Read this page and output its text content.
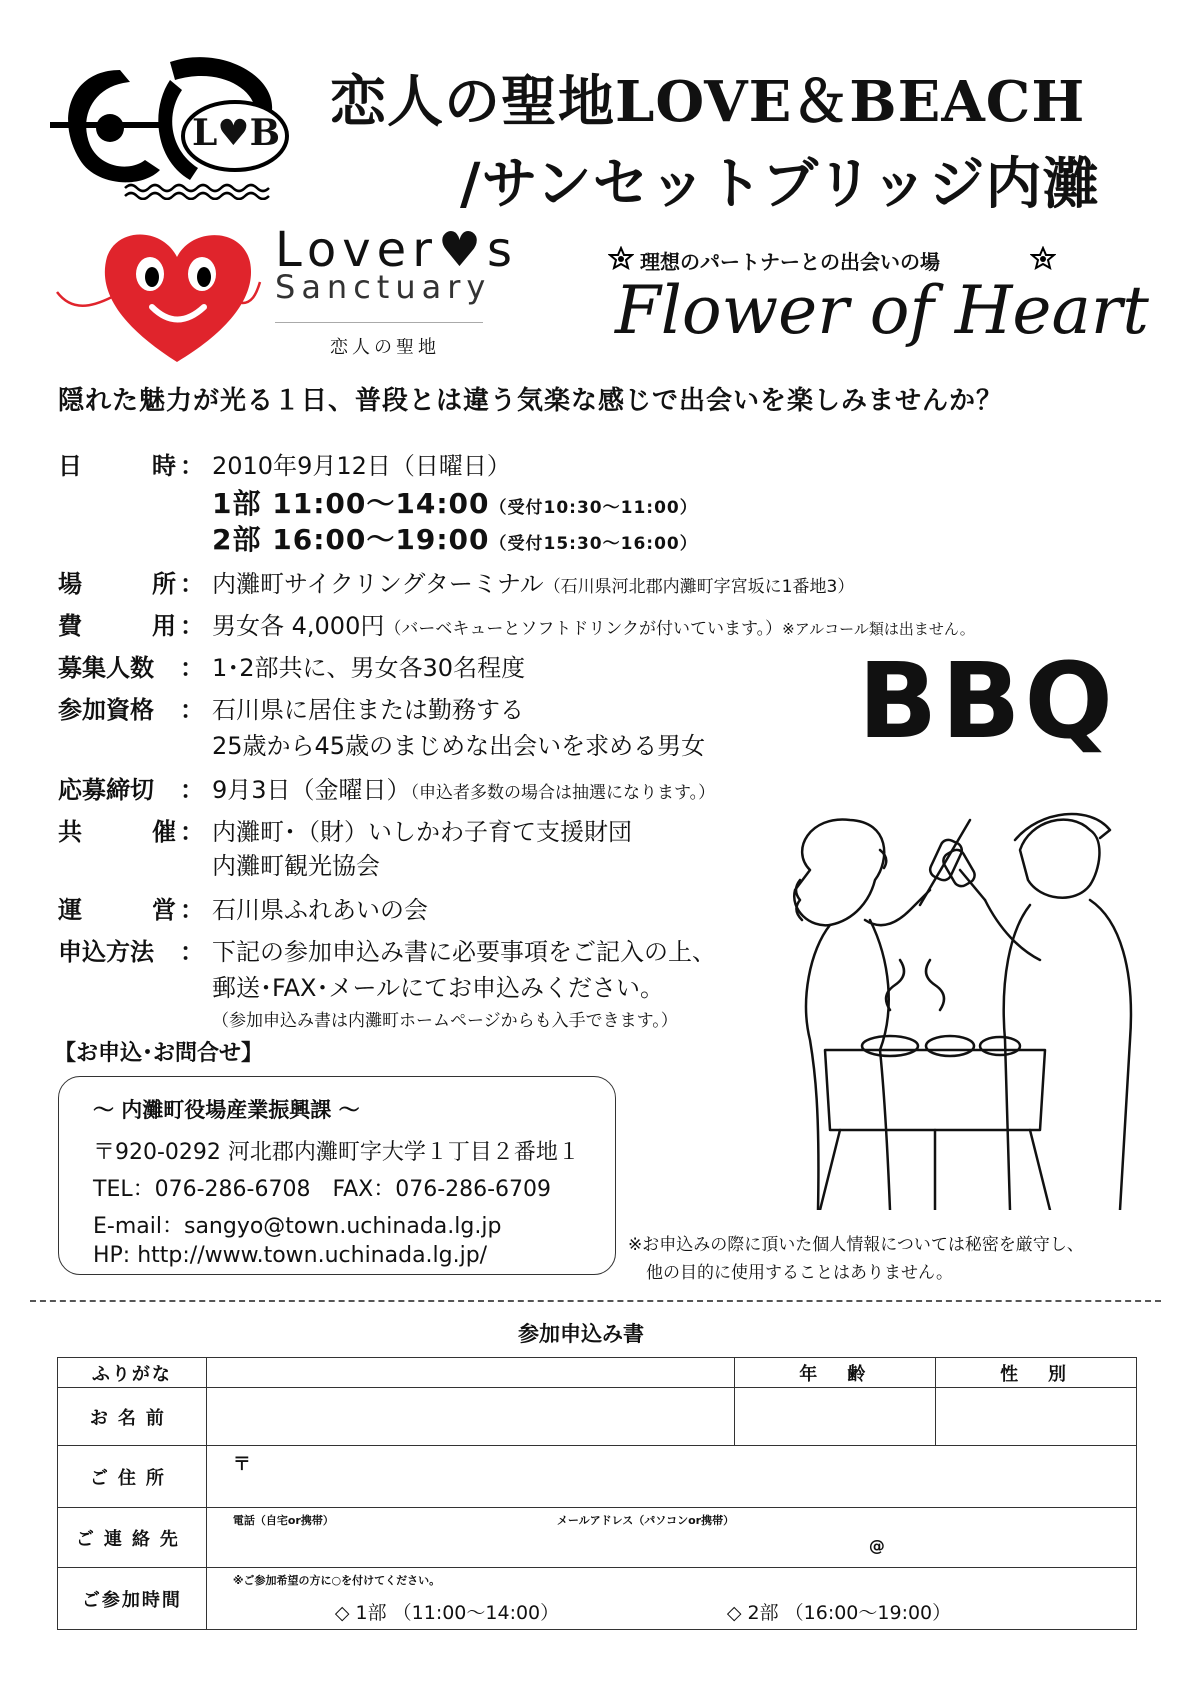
L♥B 恋人の聖地LOVE＆BEACH
/サンセットブリッジ内灘
Lover♥s
Sanctuary
恋人の聖地
理想のパートナーとの出会いの場
Flower of Heart
隠れた魅力が光る１日、普段とは違う気楽な感じで出会いを楽しみませんか？
日	時 ： 2010年9月12日（日曜日）
1部 11:00〜14:00（受付10:30〜11:00）
2部 16:00〜19:00（受付15:30〜16:00）
場	所 ： 内灘町サイクリングターミナル（石川県河北郡内灘町字宮坂に1番地3）
費	用 ： 男女各 4,000円（バーベキューとソフトドリンクが付いています。）※アルコール類は出ません。
募集人数	： 1･2部共に、男女各30名程度
参加資格	： 石川県に居住または勤務する
25歳から45歳のまじめな出会いを求める男女
応募締切	： 9月3日（金曜日）（申込者多数の場合は抽選になります。）
共	催 ： 内灘町･（財）いしかわ子育て支援財団
内灘町観光協会
運	営 ： 石川県ふれあいの会
申込方法	： 下記の参加申込み書に必要事項をご記入の上、
郵送･FAX･メールにてお申込みください。
（参加申込み書は内灘町ホームページからも入手できます。）
BBQ
【お申込･お問合せ】
〜 内灘町役場産業振興課 〜
〒920-0292 河北郡内灘町字大学１丁目２番地１
TEL：076-286-6708　FAX：076-286-6709
E-mail：sangyo@town.uchinada.lg.jp
HP: http://www.town.uchinada.lg.jp/	※お申込みの際に頂いた個人情報については秘密を厳守し、
他の目的に使用することはありません。
参加申込み書
ふりがな		年　齢	性　別
お名前			
ご住所	〒		

ご連絡先	電話（自宅or携帯） メールアドレス（パソコンor携帯）
@		

ご参加時間	※ご参加希望の方に○を付けてください。
◇ 1部 （11:00〜14:00） ◇ 2部 （16:00〜19:00）		
